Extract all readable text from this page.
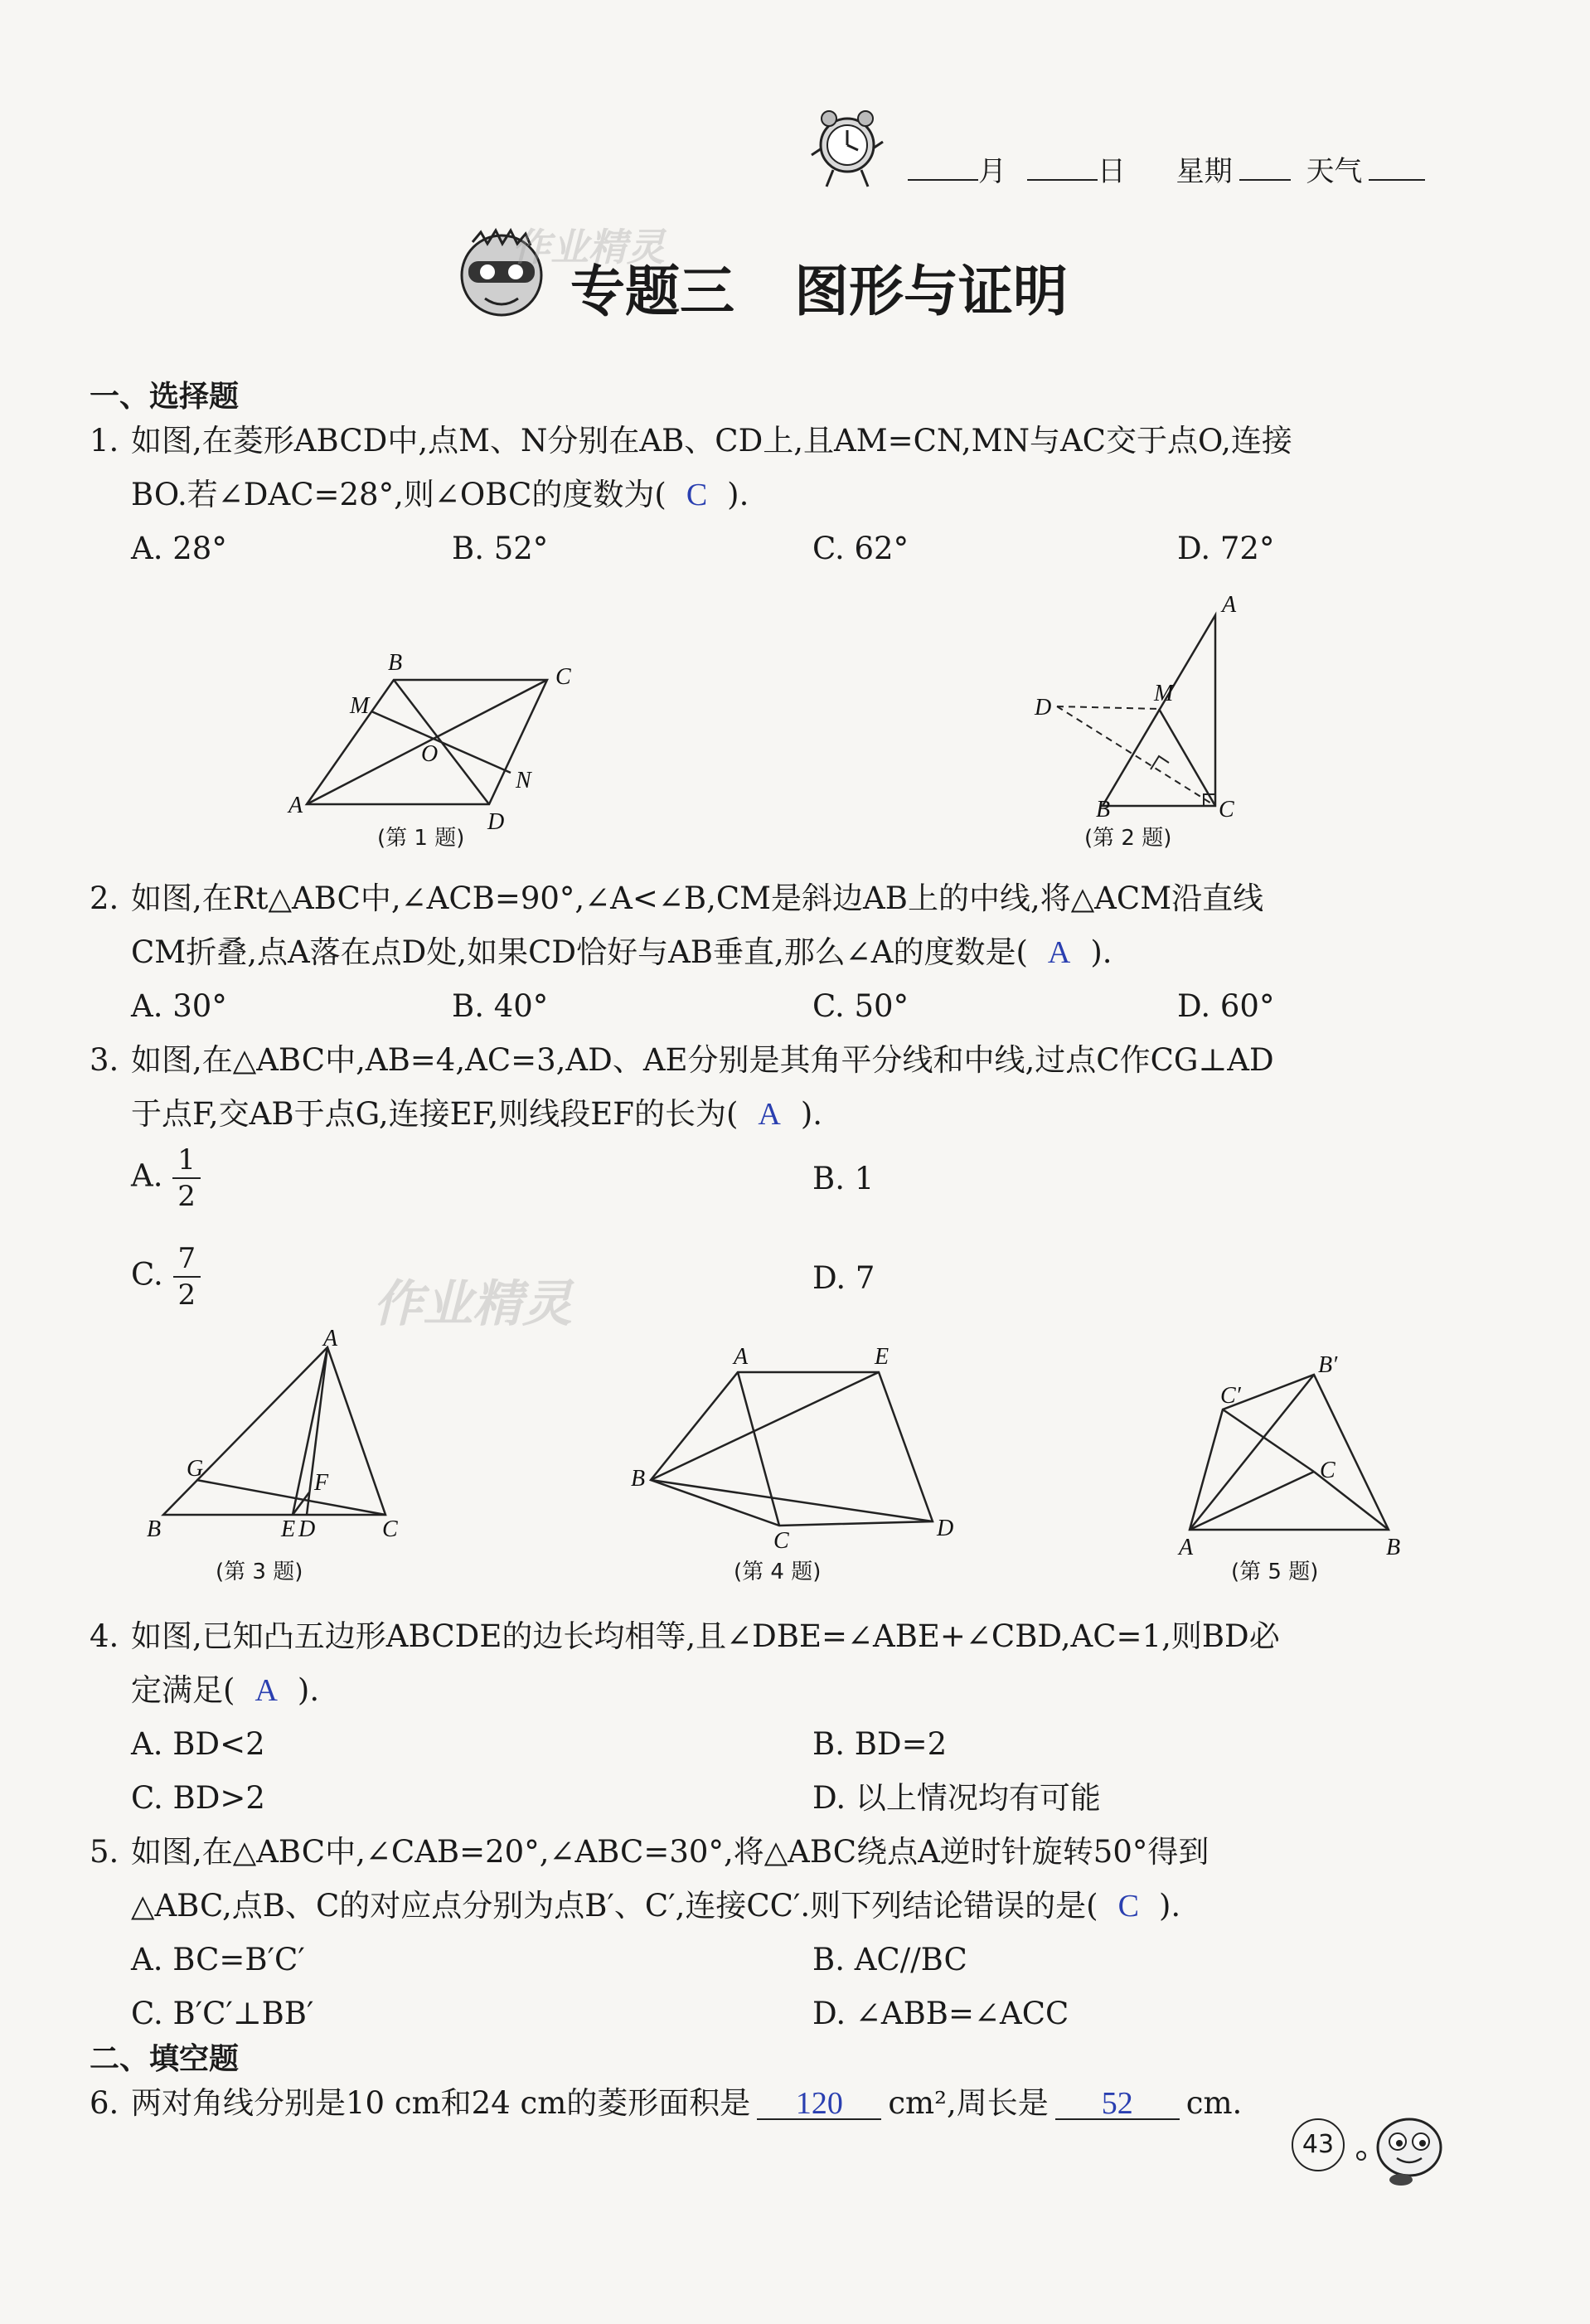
月	日 星期	天气
作业精灵
专题三 图形与证明
一、选择题
1. 如图,在菱形ABCD中,点M、N分别在AB、CD上,且AM=CN,MN与AC交于点O,连接
BO.若∠DAC=28°,则∠OBC的度数为( C ).
A. 28°	B. 52°	C. 62°	D. 72°
A
B
C
D
M
N
O
(第 1 题)
A
B	C
D
M
(第 2 题)
2. 如图,在Rt△ABC中,∠ACB=90°,∠A<∠B,CM是斜边AB上的中线,将△ACM沿直线
CM折叠,点A落在点D处,如果CD恰好与AB垂直,那么∠A的度数是( A ).
A. 30°	B. 40°	C. 50°	D. 60°
3. 如图,在△ABC中,AB=4,AC=3,AD、AE分别是其角平分线和中线,过点C作CG⊥AD
于点F,交AB于点G,连接EF,则线段EF的长为( A ).
A. $\frac{1}{2}$	B. 1
C. $\frac{7}{2}$	作业精灵	D. 7
A
B	C
G
F
E D
(第 3 题)
A
B
C	D
E
(第 4 题)
A	B
C
B′
C′
(第 5 题)
4. 如图,已知凸五边形ABCDE的边长均相等,且∠DBE=∠ABE+∠CBD,AC=1,则BD必
定满足( A ).
A. BD<2	B. BD=2
C. BD>2	D. 以上情况均有可能
5. 如图,在△ABC中,∠CAB=20°,∠ABC=30°,将△ABC绕点A逆时针旋转50°得到
△ABC,点B、C的对应点分别为点B′、C′,连接CC′.则下列结论错误的是( C ).
A. BC=B′C′	B. AC//BC
C. B′C′⊥BB′	D. ∠ABB=∠ACC
二、填空题
6. 两对角线分别是10 cm和24 cm的菱形面积是 120 cm²,周长是 52 cm.
43
